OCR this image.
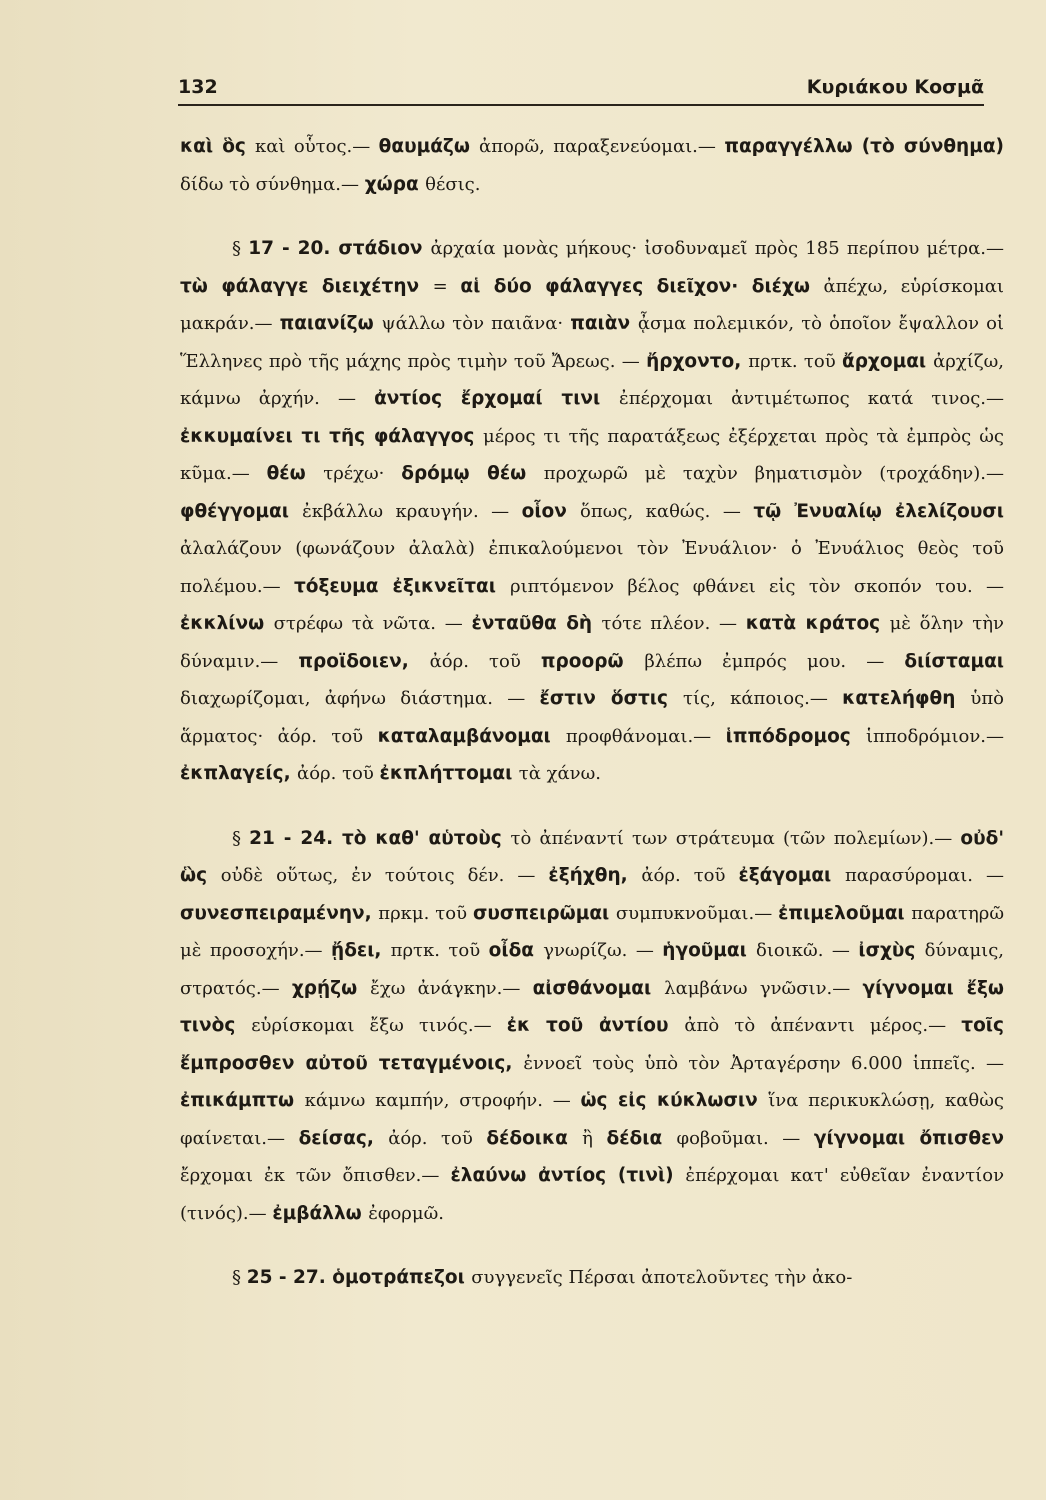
132	Κυριάκου Κοσμᾶ

καὶ ὃς καὶ οὗτος.— θαυμάζω ἀπορῶ, παραξενεύομαι.— παραγγέλλω (τὸ σύνθημα) δίδω τὸ σύνθημα.— χώρα θέσις.

§ 17 - 20. στάδιον ἀρχαία μονὰς μήκους· ἰσοδυναμεῖ πρὸς 185 περίπου μέτρα.— τὼ φάλαγγε διειχέτην = αἱ δύο φάλαγγες διεῖχον· διέχω ἀπέχω, εὑρίσκομαι μακράν.— παιανίζω ψάλλω τὸν παιᾶνα· παιὰν ᾆσμα πολεμικόν, τὸ ὁποῖον ἔψαλλον οἱ Ἕλληνες πρὸ τῆς μάχης πρὸς τιμὴν τοῦ Ἄρεως. — ἤρχοντο, πρτκ. τοῦ ἄρχομαι ἀρχίζω, κάμνω ἀρχήν. — ἀντίος ἔρχομαί τινι ἐπέρχομαι ἀντιμέτωπος κατά τινος.— ἐκκυμαίνει τι τῆς φάλαγγος μέρος τι τῆς παρατάξεως ἐξέρχεται πρὸς τὰ ἐμπρὸς ὡς κῦμα.— θέω τρέχω· δρόμῳ θέω προχωρῶ μὲ ταχὺν βηματισμὸν (τροχάδην).— φθέγγομαι ἐκβάλλω κραυγήν. — οἷον ὅπως, καθώς. — τῷ Ἐνυαλίῳ ἐλελίζουσι ἀλαλάζουν (φωνάζουν ἀλαλὰ) ἐπικαλούμενοι τὸν Ἐνυάλιον· ὁ Ἐνυάλιος θεὸς τοῦ πολέμου.— τόξευμα ἐξικνεῖται ριπτόμενον βέλος φθάνει εἰς τὸν σκοπόν του. — ἐκκλίνω στρέφω τὰ νῶτα. — ἐνταῦθα δὴ τότε πλέον. — κατὰ κράτος μὲ ὅλην τὴν δύναμιν.— προϊδοιεν, ἀόρ. τοῦ προορῶ βλέπω ἐμπρός μου. — διίσταμαι διαχωρίζομαι, ἀφήνω διάστημα. — ἔστιν ὅστις τίς, κάποιος.— κατελήφθη ὑπὸ ἅρματος· ἀόρ. τοῦ καταλαμβάνομαι προφθάνομαι.— ἱππόδρομος ἱπποδρόμιον.— ἐκπλαγείς, ἀόρ. τοῦ ἐκπλήττομαι τὰ χάνω.

§ 21 - 24. τὸ καθ' αὑτοὺς τὸ ἀπέναντί των στράτευμα (τῶν πολεμίων).— οὐδ' ὣς οὐδὲ οὕτως, ἐν τούτοις δέν. — ἐξήχθη, ἀόρ. τοῦ ἐξάγομαι παρασύρομαι. — συνεσπειραμένην, πρκμ. τοῦ συσπειρῶμαι συμπυκνοῦμαι.— ἐπιμελοῦμαι παρατηρῶ μὲ προσοχήν.— ᾔδει, πρτκ. τοῦ οἶδα γνωρίζω. — ἡγοῦμαι διοικῶ. — ἰσχὺς δύναμις, στρατός.— χρῄζω ἔχω ἀνάγκην.— αἰσθάνομαι λαμβάνω γνῶσιν.— γίγνομαι ἔξω τινὸς εὑρίσκομαι ἔξω τινός.— ἐκ τοῦ ἀντίου ἀπὸ τὸ ἀπέναντι μέρος.— τοῖς ἔμπροσθεν αὐτοῦ τεταγμένοις, ἐννοεῖ τοὺς ὑπὸ τὸν Ἀρταγέρσην 6.000 ἱππεῖς. — ἐπικάμπτω κάμνω καμπήν, στροφήν. — ὡς εἰς κύκλωσιν ἵνα περικυκλώσῃ, καθὼς φαίνεται.— δείσας, ἀόρ. τοῦ δέδοικα ἢ δέδια φοβοῦμαι. — γίγνομαι ὄπισθεν ἔρχομαι ἐκ τῶν ὄπισθεν.— ἐλαύνω ἀντίος (τινὶ) ἐπέρχομαι κατ' εὐθεῖαν ἐναντίον (τινός).— ἐμβάλλω ἐφορμῶ.

§ 25 - 27. ὁμοτράπεζοι συγγενεῖς Πέρσαι ἀποτελοῦντες τὴν ἀκο-
